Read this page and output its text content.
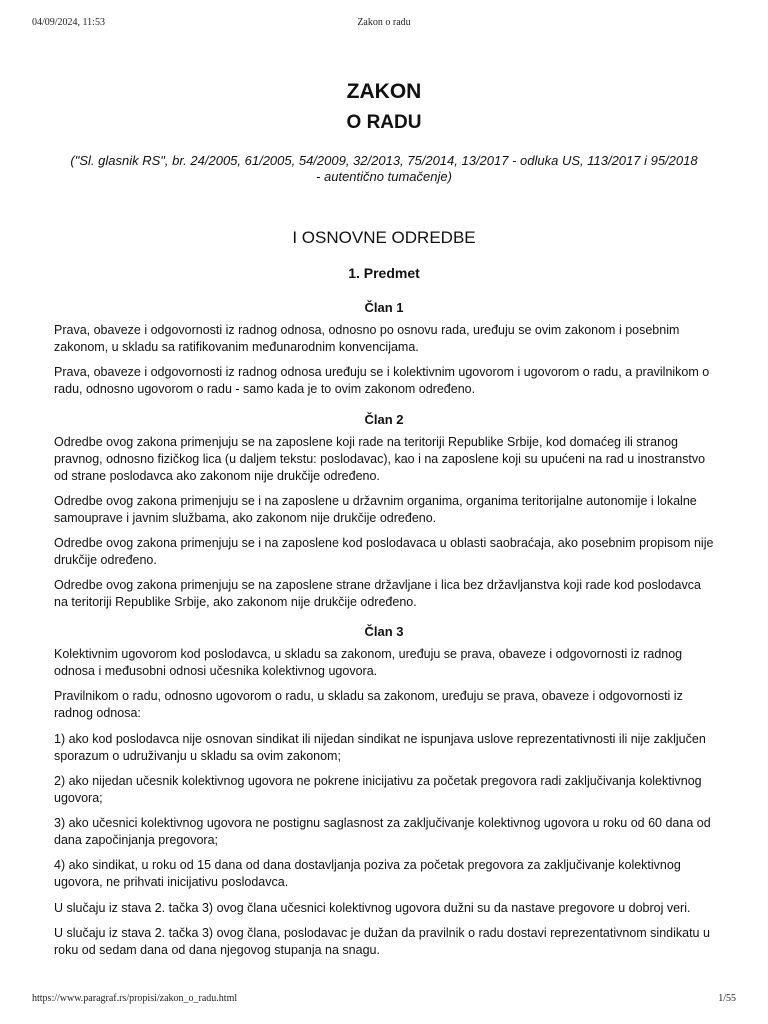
04/09/2024, 11:53	Zakon o radu
ZAKON
O RADU
("Sl. glasnik RS", br. 24/2005, 61/2005, 54/2009, 32/2013, 75/2014, 13/2017 - odluka US, 113/2017 i 95/2018
- autentično tumačenje)
I OSNOVNE ODREDBE
1. Predmet
Član 1

Prava, obaveze i odgovornosti iz radnog odnosa, odnosno po osnovu rada, uređuju se ovim zakonom i posebnim zakonom, u skladu sa ratifikovanim međunarodnim konvencijama.

Prava, obaveze i odgovornosti iz radnog odnosa uređuju se i kolektivnim ugovorom i ugovorom o radu, a pravilnikom o radu, odnosno ugovorom o radu - samo kada je to ovim zakonom određeno.

Član 2

Odredbe ovog zakona primenjuju se na zaposlene koji rade na teritoriji Republike Srbije, kod domaćeg ili stranog pravnog, odnosno fizičkog lica (u daljem tekstu: poslodavac), kao i na zaposlene koji su upućeni na rad u inostranstvo od strane poslodavca ako zakonom nije drukčije određeno.

Odredbe ovog zakona primenjuju se i na zaposlene u državnim organima, organima teritorijalne autonomije i lokalne samouprave i javnim službama, ako zakonom nije drukčije određeno.

Odredbe ovog zakona primenjuju se i na zaposlene kod poslodavaca u oblasti saobraćaja, ako posebnim propisom nije drukčije određeno.

Odredbe ovog zakona primenjuju se na zaposlene strane državljane i lica bez državljanstva koji rade kod poslodavca na teritoriji Republike Srbije, ako zakonom nije drukčije određeno.

Član 3

Kolektivnim ugovorom kod poslodavca, u skladu sa zakonom, uređuju se prava, obaveze i odgovornosti iz radnog odnosa i međusobni odnosi učesnika kolektivnog ugovora.

Pravilnikom o radu, odnosno ugovorom o radu, u skladu sa zakonom, uređuju se prava, obaveze i odgovornosti iz radnog odnosa:

1) ako kod poslodavca nije osnovan sindikat ili nijedan sindikat ne ispunjava uslove reprezentativnosti ili nije zaključen sporazum o udruživanju u skladu sa ovim zakonom;

2) ako nijedan učesnik kolektivnog ugovora ne pokrene inicijativu za početak pregovora radi zaključivanja kolektivnog ugovora;

3) ako učesnici kolektivnog ugovora ne postignu saglasnost za zaključivanje kolektivnog ugovora u roku od 60 dana od dana započinjanja pregovora;

4) ako sindikat, u roku od 15 dana od dana dostavljanja poziva za početak pregovora za zaključivanje kolektivnog ugovora, ne prihvati inicijativu poslodavca.

U slučaju iz stava 2. tačka 3) ovog člana učesnici kolektivnog ugovora dužni su da nastave pregovore u dobroj veri.

U slučaju iz stava 2. tačka 3) ovog člana, poslodavac je dužan da pravilnik o radu dostavi reprezentativnom sindikatu u roku od sedam dana od dana njegovog stupanja na snagu.

https://www.paragraf.rs/propisi/zakon_o_radu.html	1/55
